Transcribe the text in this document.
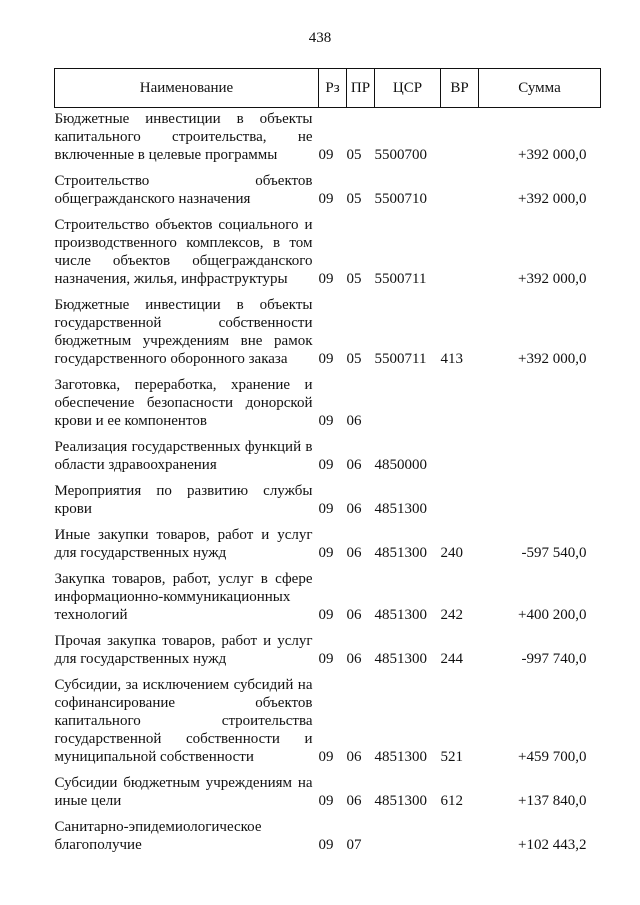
438
Наименование	Рз	ПР	ЦСР	ВР	Сумма
Бюджетные инвестиции в объекты капитального строительства, не включенные в целевые программы	09	05	5500700		+392 000,0
Строительство объектов общегражданского назначения	09	05	5500710		+392 000,0
Строительство объектов социального и производственного комплексов, в том числе объектов общегражданского назначения, жилья, инфраструктуры	09	05	5500711		+392 000,0
Бюджетные инвестиции в объекты государственной собственности бюджетным учреждениям вне рамок государственного оборонного заказа	09	05	5500711	413	+392 000,0
Заготовка, переработка, хранение и обеспечение безопасности донорской крови и ее компонентов	09	06			
Реализация государственных функций в области здравоохранения	09	06	4850000		
Мероприятия по развитию службы крови	09	06	4851300		
Иные закупки товаров, работ и услуг для государственных нужд	09	06	4851300	240	-597 540,0
Закупка товаров, работ, услуг в сфере информационно-коммуникационных технологий	09	06	4851300	242	+400 200,0
Прочая закупка товаров, работ и услуг для государственных нужд	09	06	4851300	244	-997 740,0
Субсидии, за исключением субсидий на софинансирование объектов капитального строительства государственной собственности и муниципальной собственности	09	06	4851300	521	+459 700,0
Субсидии бюджетным учреждениям на иные цели	09	06	4851300	612	+137 840,0
Санитарно-эпидемиологическое благополучие	09	07			+102 443,2
